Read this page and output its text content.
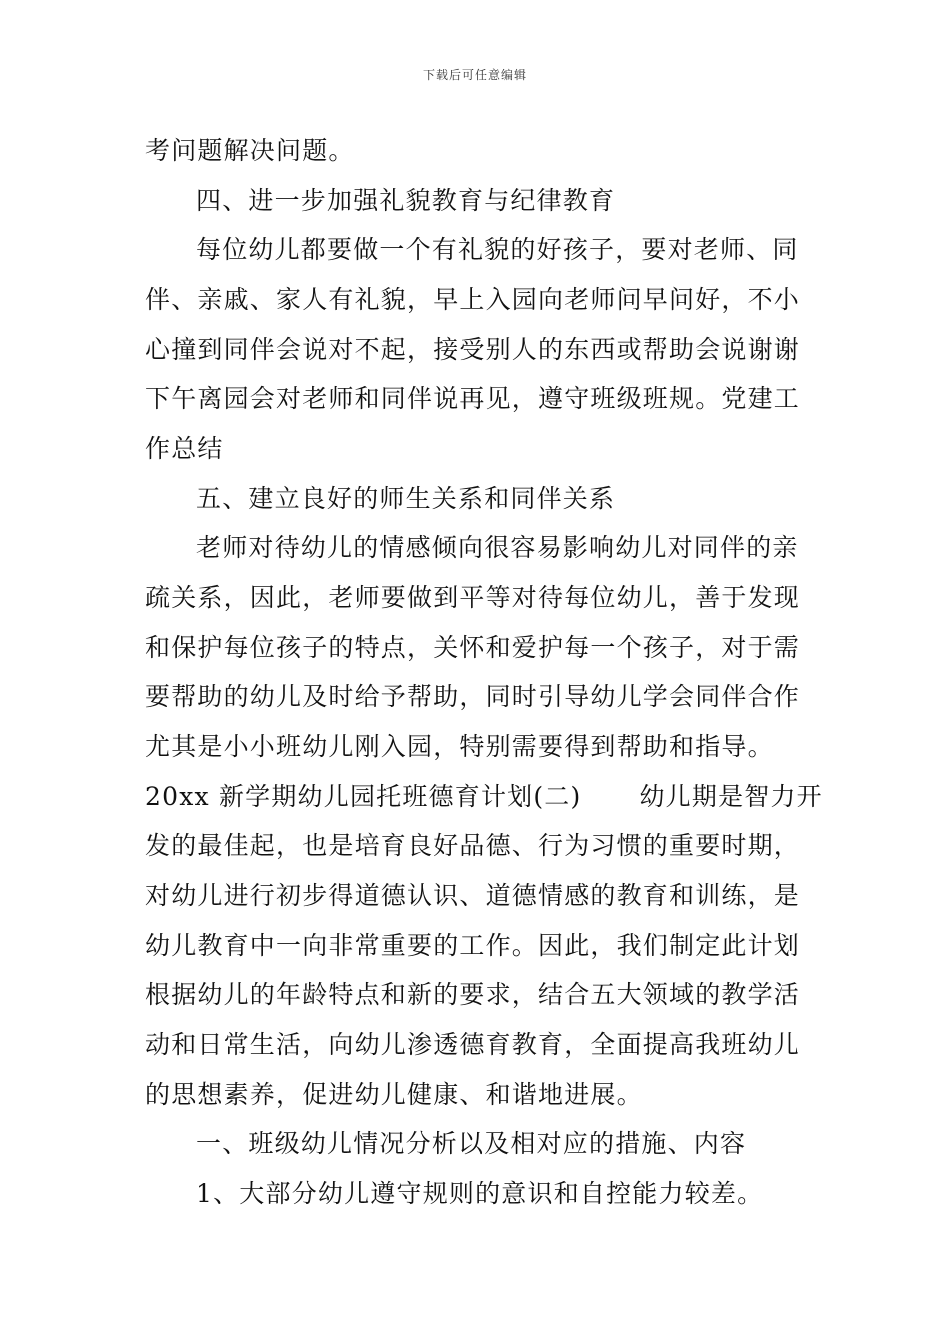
下载后可任意编辑
考问题解决问题。
四、进一步加强礼貌教育与纪律教育
每位幼儿都要做一个有礼貌的好孩子，要对老师、同
伴、亲戚、家人有礼貌，早上入园向老师问早问好，不小
心撞到同伴会说对不起，接受别人的东西或帮助会说谢谢
下午离园会对老师和同伴说再见，遵守班级班规。党建工
作总结
五、建立良好的师生关系和同伴关系
老师对待幼儿的情感倾向很容易影响幼儿对同伴的亲
疏关系，因此，老师要做到平等对待每位幼儿，善于发现
和保护每位孩子的特点，关怀和爱护每一个孩子，对于需
要帮助的幼儿及时给予帮助，同时引导幼儿学会同伴合作
尤其是小小班幼儿刚入园，特别需要得到帮助和指导。
20xx 新学期幼儿园托班德育计划(二) 幼儿期是智力开
发的最佳起，也是培育良好品德、行为习惯的重要时期，
对幼儿进行初步得道德认识、道德情感的教育和训练，是
幼儿教育中一向非常重要的工作。因此，我们制定此计划
根据幼儿的年龄特点和新的要求，结合五大领域的教学活
动和日常生活，向幼儿渗透德育教育，全面提高我班幼儿
的思想素养，促进幼儿健康、和谐地进展。
一、班级幼儿情况分析以及相对应的措施、内容
1、大部分幼儿遵守规则的意识和自控能力较差。
